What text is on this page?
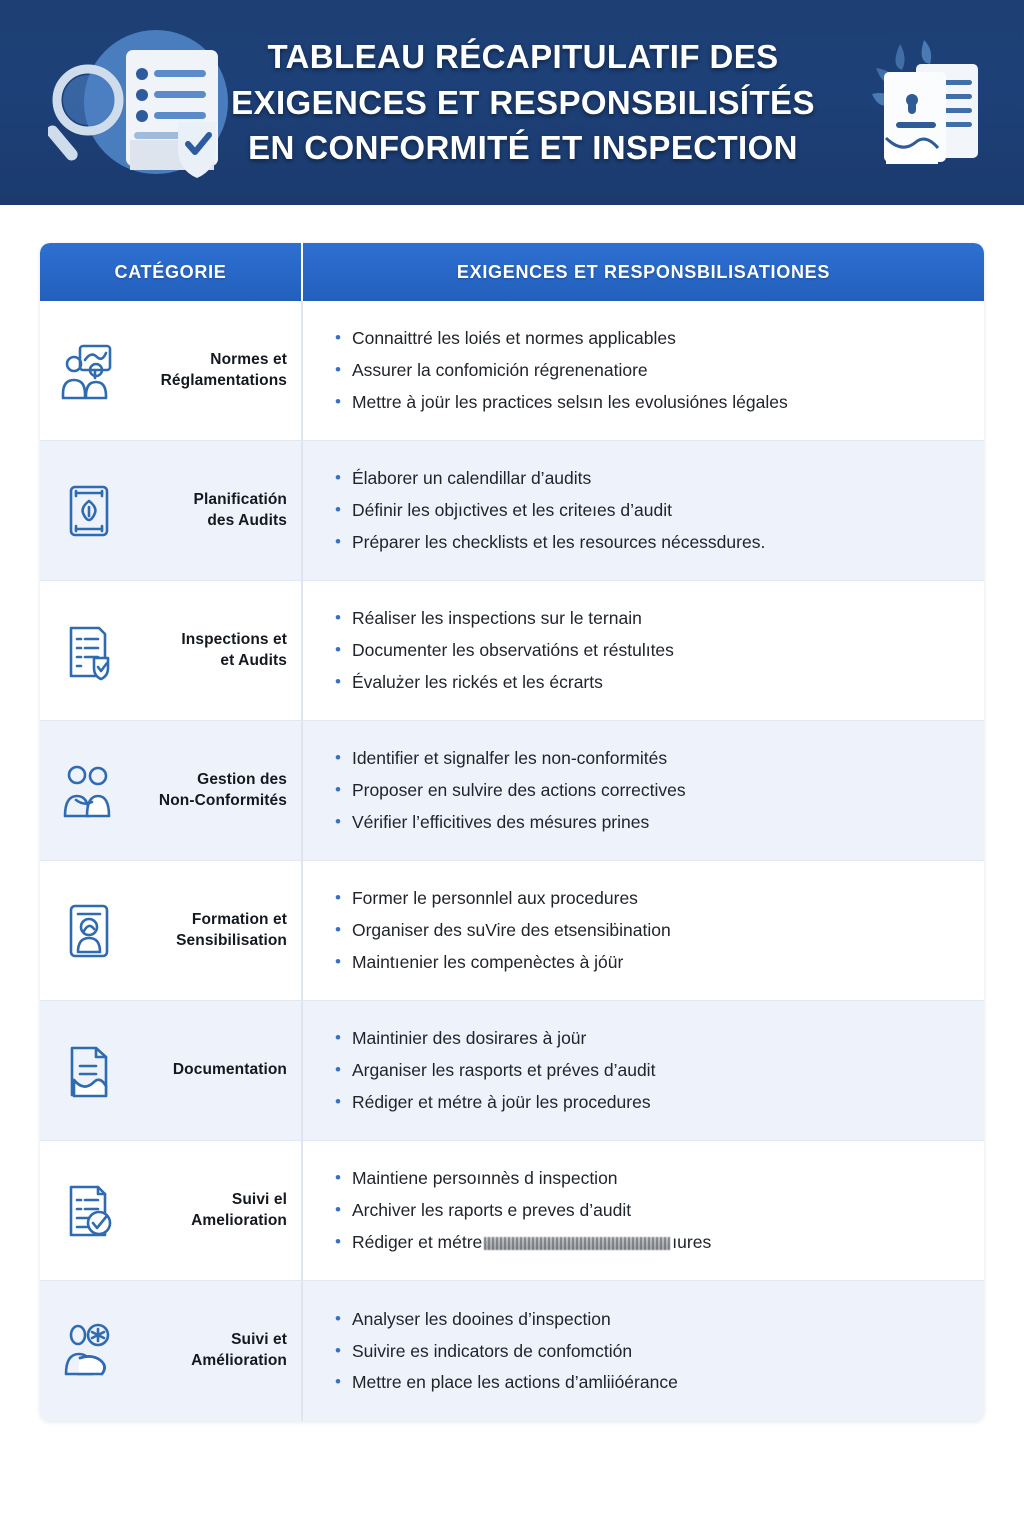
TABLEAU RÉCAPITULATIF DES
EXIGENCES ET RESPONSBILISÍTÉS
EN CONFORMITÉ ET INSPECTION
CATÉGORIE	EXIGENCES ET RESPONSBILISATIONES
Normes et
Réglamentations
• Connaittré les loiés et normes applicables
• Assurer la confomición régrenenatiore
• Mettre à joür les practices selsın les evolusiónes légales
Planificatión
des Audits
• Élaborer un calendillar d’audits
• Définir les objıctives et les criteıes d’audit
• Préparer les checklists et les resources nécessdures.
Inspections et
et Audits
• Réaliser les inspections sur le ternain
• Documenter les observatións et réstulıtes
• Évalużer les rickés et les écrarts
Gestion des
Non-Conformités
• Identifier et signalfer les non-conformités
• Proposer en sulvire des actions correctives
• Vérifier l’efficitives des mésures prines
Formation et
Sensibilisation
• Former le personnlel aux procedures
• Organiser des suVire des etsensiḃination
• Maintıenier les compenèctes à jóür
Documentation
• Maintinier des dosirares à joür
• Arganiser les rasports et préves d’audit
• Rédiger et métre à joür les procedures
Suivi el
Amelioration
• Maintiene persoınnès d inspection
• Archiver les raports e preves d’audit
• Rédiger et métre	ıures
Suivi et
Amélioration
• Analyser les dooines d’inspection
• Suivire es indicators de confomctión
• Mettre en place les actions d’amliióérance
